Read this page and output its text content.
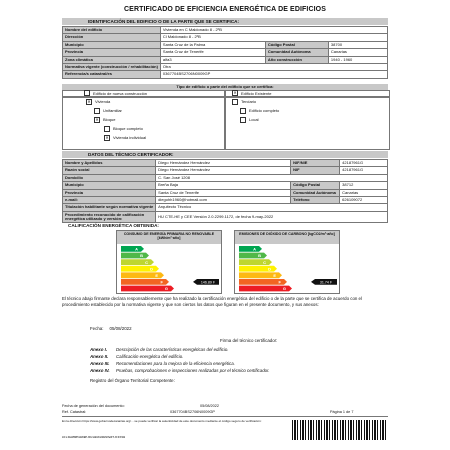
CERTIFICADO DE EFICIENCIA ENERGÉTICA DE EDIFICIOS
IDENTIFICACIÓN DEL EDIFICIO O DE LA PARTE QUE SE CERTIFICA:
Nombre del edificio	Vivienda en C Maldonado 8 - 2ºB		
Dirección	Cl Maldonado 8 - 2ºB		
Municipio	Santa Cruz de la Palma	Código Postal	38700
Provincia	Santa Cruz de Tenerife	Comunidad Autónoma	Canarias
Zona climática	alfa3	Año construcción	1940 - 1960
Normativa vigente (construcción / rehabilitación)	Otra		
Referencia/s catastral/es	0367704BS2706N0009GP		
Tipo de edificio o parte del edificio que se certifica:
Edificio de nueva construcción	✕ Edificio Existente
✕ Vivienda
Unifamiliar
✕ Bloque
Bloque completo
✕ Vivienda individual
Terciario
Edificio completo
Local
DATOS DEL TÉCNICO CERTIFICADOR:
Nombre y Apellidos	Diego Hernández Hernández	NIF/NIE	42187961G
Razón social	Diego Hernández Hernández	NIF	42187961G
Domicilio	C. San José 1208		
Municipio	Breña Baja	Código Postal	38712
Provincia	Santa Cruz de Tenerife	Comunidad Autónoma	Canarias
e-mail:	diegohh1960@hotmail.com	Teléfono	626109072
Titulación habilitante según normativa vigente	Arquitecto Técnico		
Procedimiento reconocido de calificación energética utilizado y versión:	HU CTE-HE y CEE Versión 2.0.2299.1172, de fecha 9-may-2022		
CALIFICACIÓN ENERGÉTICA OBTENIDA:
CONSUMO DE ENERGÍA PRIMARIA NO RENOVABLE [kWh/m²·año]
A
B
C
D
E
F
G
146.89 F
EMISIONES DE DIÓXIDO DE CARBONO [kgCO2/m²·año]
A
B
C
D
E
F
G
31.74 F
El técnico abajo firmante declara responsablemente que ha realizado la certificación energética del edificio o de la parte que se certifica de acuerdo con el procedimiento establecido por la normativa vigente y que son ciertos los datos que figuran en el presente documento, y sus anexos:
Fecha: 05/08/2022
Firma del técnico certificador:
Anexo I. Descripción de las características energéticas del edificio.
Anexo II. Calificación energética del edificio.
Anexo III. Recomendaciones para la mejora de la eficiencia energética.
Anexo IV. Pruebas, comprobaciones e inspecciones realizadas por el técnico certificador.
Registro del Órgano Territorial Competente:
Fecha de generación del documento:	05/08/2022
Ref. Catastral:	0367704BS2706N0009GP	Página 1 de 7
En la dirección https://www.gobiernodecanarias.org/... se puede verificar la autenticidad de este documento mediante el código seguro de verificación:
0CLIEHMRP8WXBPJRJLBUKH3HNXWZTJIFP2B
